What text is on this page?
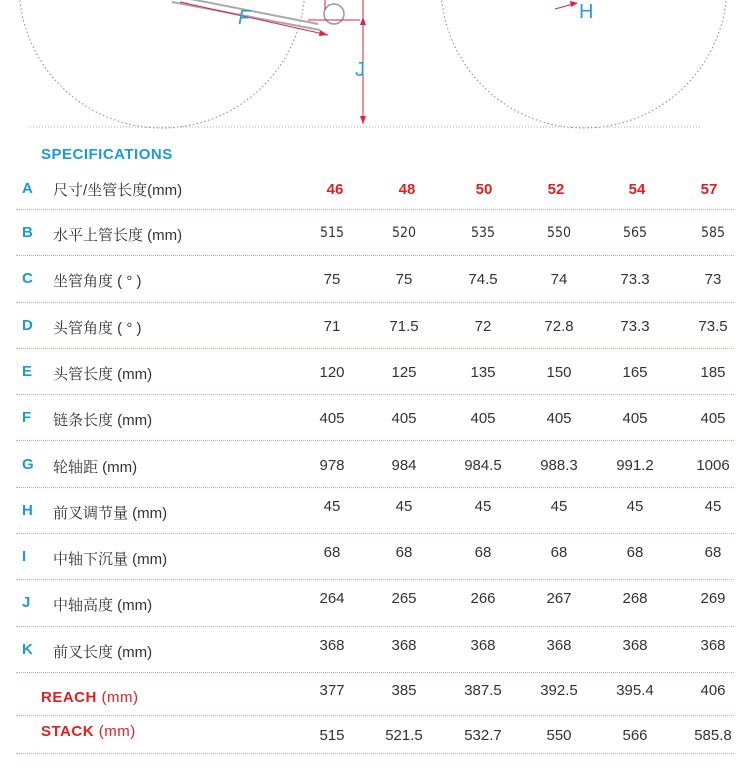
F
J
H
SPECIFICATIONS
A 尺寸/坐管长度(mm)	46	48	50	52	54	57
B 水平上管长度 (mm)	515	520	535	550	565	585
C 坐管角度 ( ° )	75	75	74.5	74	73.3	73
D 头管角度 ( ° )	71	71.5	72	72.8	73.3	73.5
E 头管长度 (mm)	120	125	135	150	165	185
F 链条长度 (mm)	405	405	405	405	405	405
G 轮轴距 (mm)	978	984	984.5	988.3	991.2	1006
H 前叉调节量 (mm)	45	45	45	45	45	45
I 中轴下沉量 (mm)	68	68	68	68	68	68
J 中轴高度 (mm)	264	265	266	267	268	269
K 前叉长度 (mm)	368	368	368	368	368	368
REACH (mm)	377	385	387.5	392.5	395.4	406
STACK (mm)	515	521.5	532.7	550	566	585.8
